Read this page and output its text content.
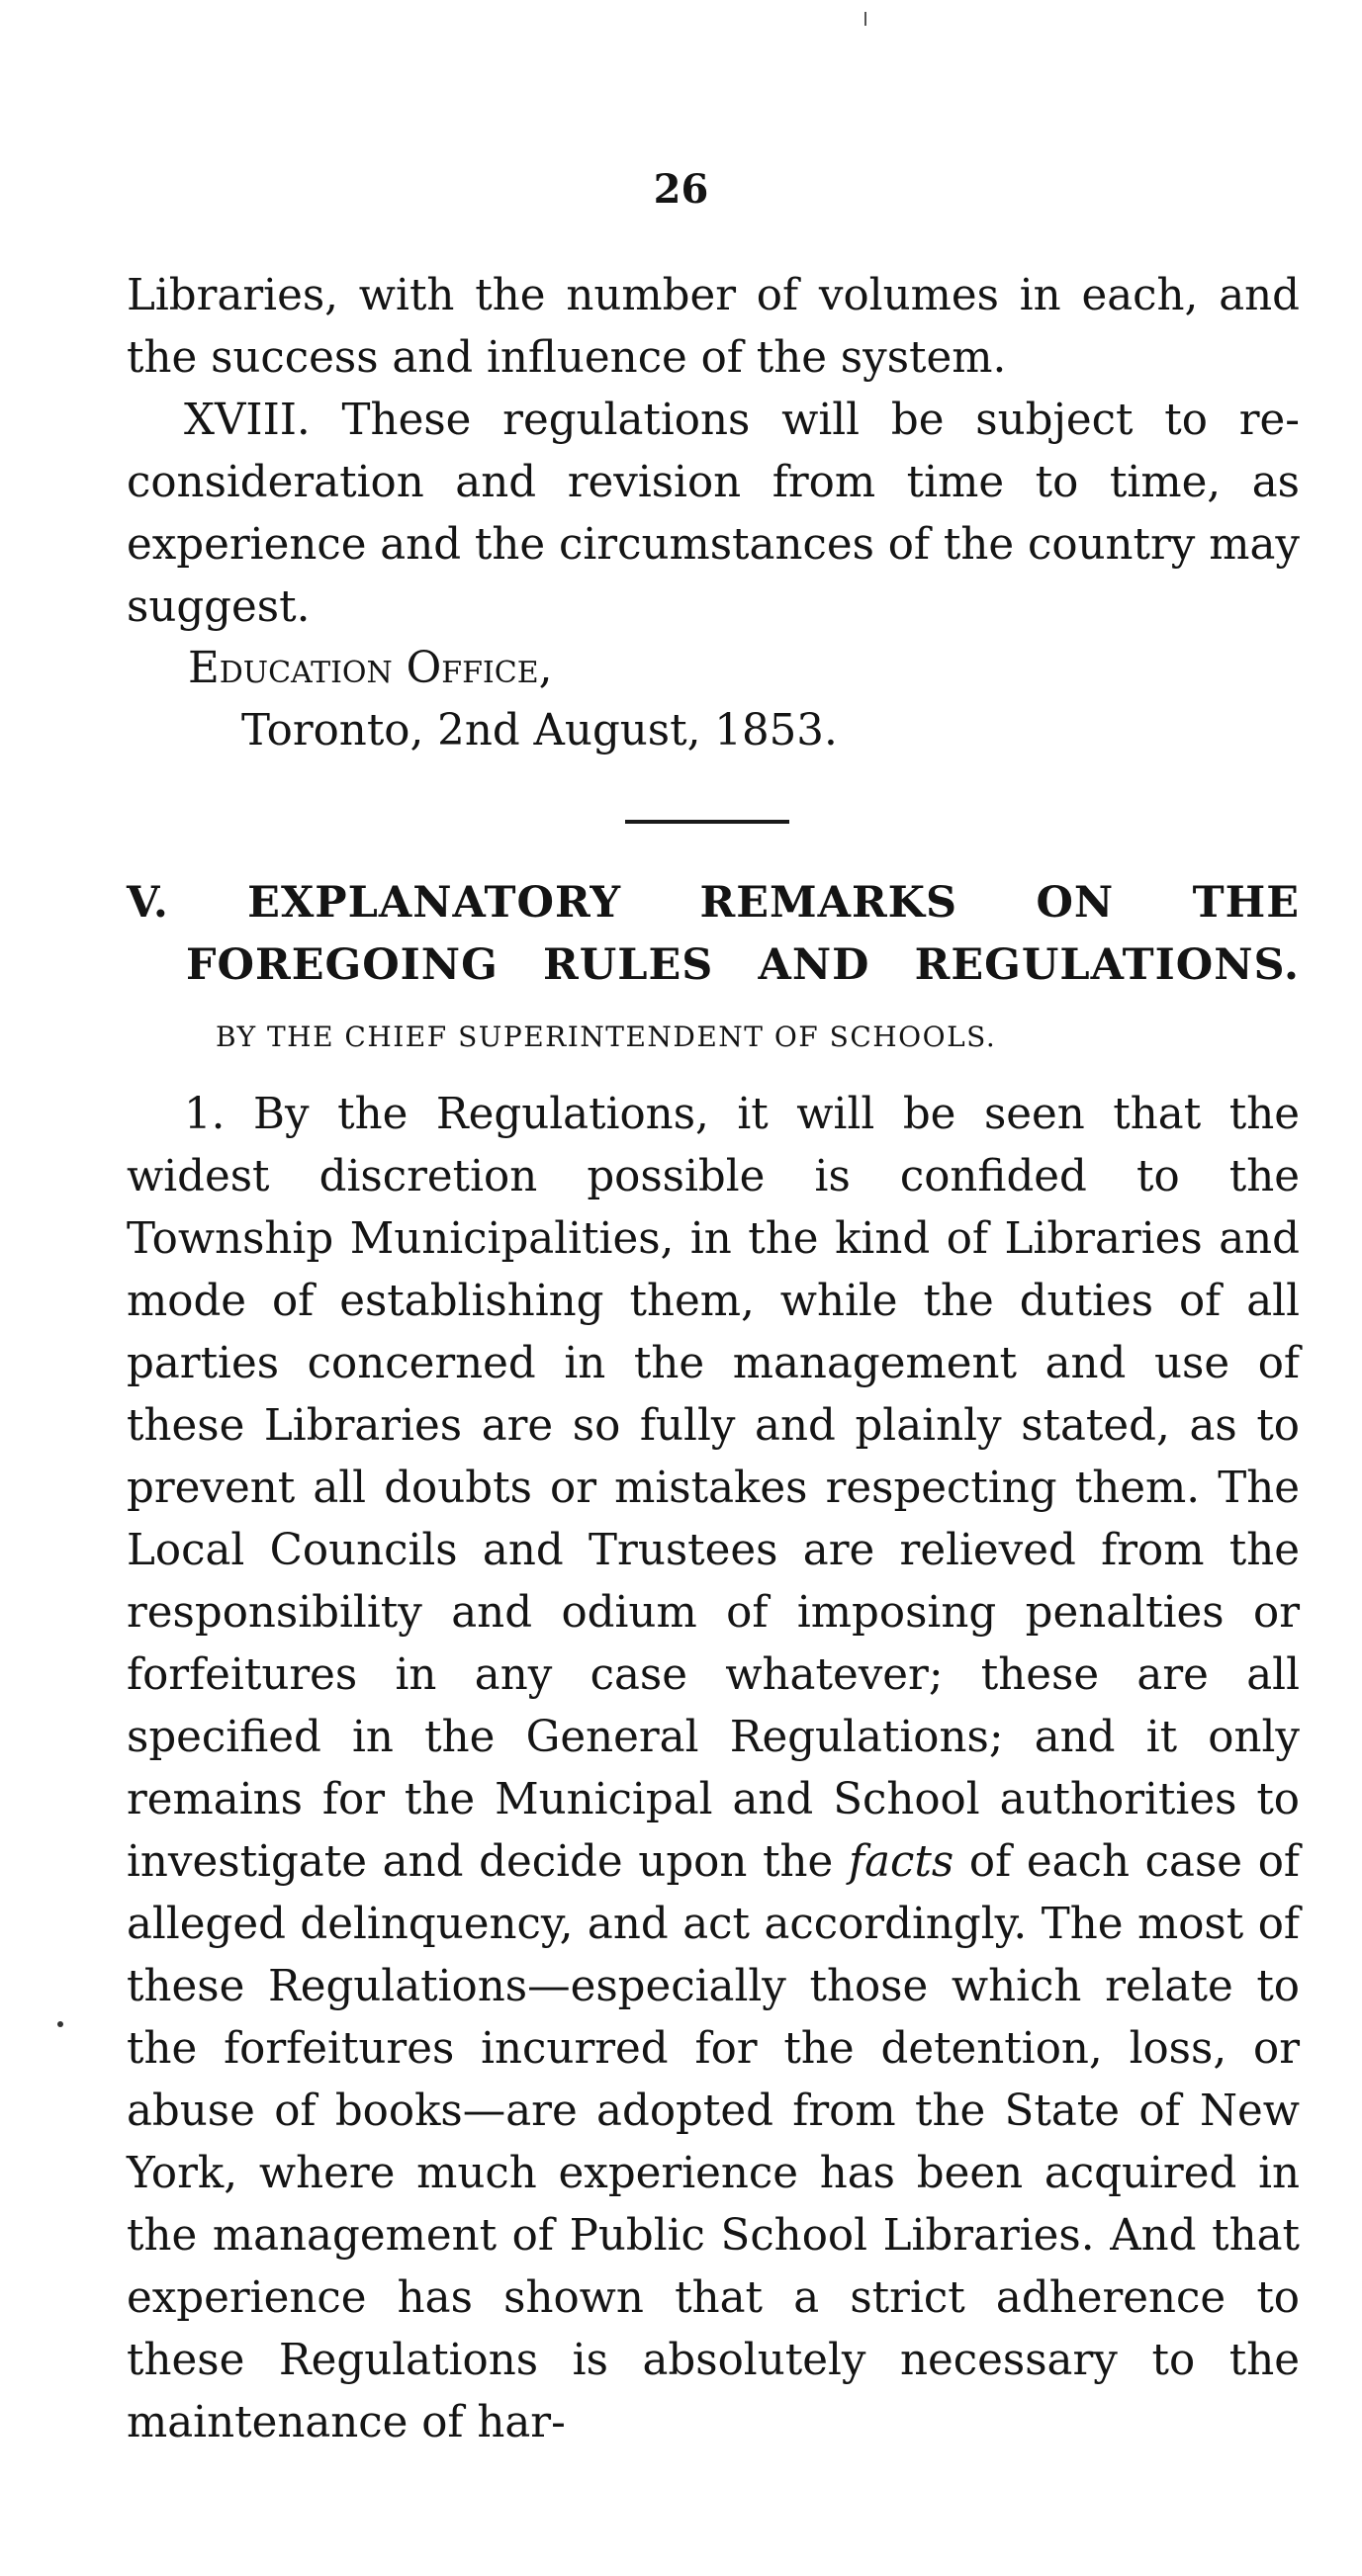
26

Libraries, with the number of volumes in each, and the success and influence of the system.

XVIII. These regulations will be subject to re-consideration and revision from time to time, as experience and the circumstances of the country may suggest.

Education Office,
Toronto, 2nd August, 1853.
V. EXPLANATORY REMARKS ON THE
FOREGOING RULES AND REGULATIONS.
BY THE CHIEF SUPERINTENDENT OF SCHOOLS.

1. By the Regulations, it will be seen that the widest discretion possible is confided to the Township Municipalities, in the kind of Libraries and mode of establishing them, while the duties of all parties concerned in the management and use of these Libraries are so fully and plainly stated, as to prevent all doubts or mistakes respecting them. The Local Councils and Trustees are relieved from the responsibility and odium of imposing penalties or forfeitures in any case whatever; these are all specified in the General Regulations; and it only remains for the Municipal and School authorities to investigate and decide upon the facts of each case of alleged delinquency, and act accordingly. The most of these Regulations—especially those which relate to the forfeitures incurred for the detention, loss, or abuse of books—are adopted from the State of New York, where much experience has been acquired in the management of Public School Libraries. And that experience has shown that a strict adherence to these Regulations is absolutely necessary to the maintenance of har-
